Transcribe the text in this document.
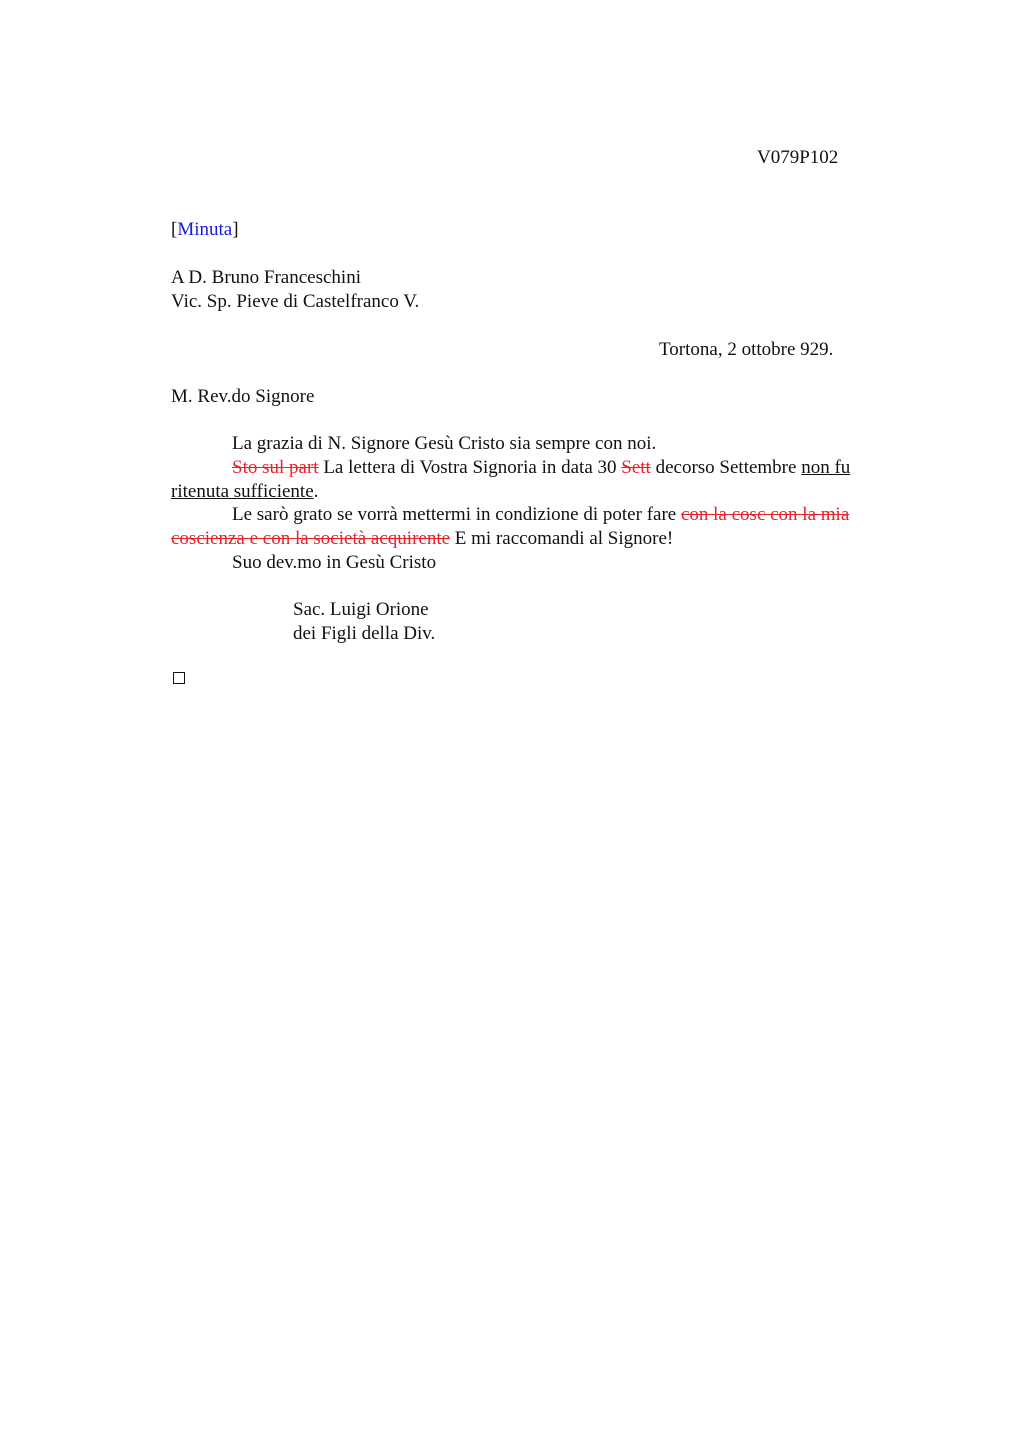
V079P102
[Minuta]
A D. Bruno Franceschini
Vic. Sp. Pieve di Castelfranco V.
Tortona, 2 ottobre 929.
M. Rev.do Signore
La grazia di N. Signore Gesù Cristo sia sempre con noi.
Sto sul part La lettera di Vostra Signoria in data 30 Sett decorso Settembre non fu
ritenuta sufficiente.
Le sarò grato se vorrà mettermi in condizione di poter fare con la cosc con la mia
coscienza e con la società acquirente E mi raccomandi al Signore!
Suo dev.mo in Gesù Cristo
Sac. Luigi Orione
dei Figli della Div.
